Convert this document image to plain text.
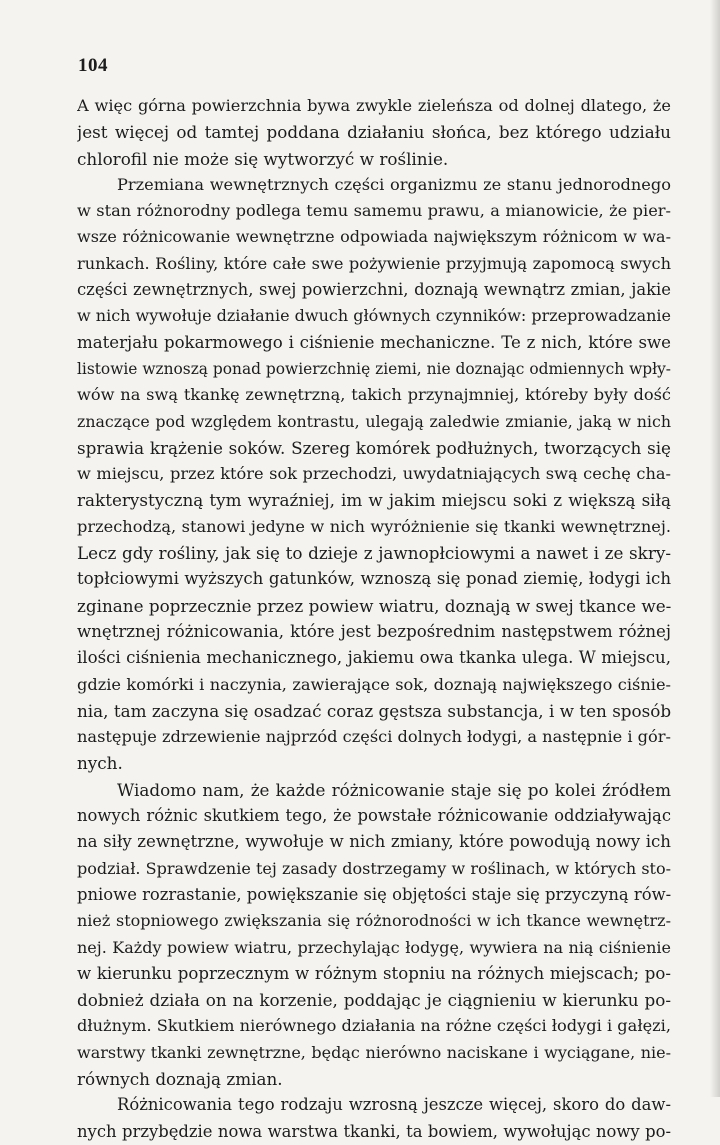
104
A więc górna powierzchnia bywa zwykle zieleńsza od dolnej dlatego, że
jest więcej od tamtej poddana działaniu słońca, bez którego udziału
chlorofil nie może się wytworzyć w roślinie.
Przemiana wewnętrznych części organizmu ze stanu jednorodnego
w stan różnorodny podlega temu samemu prawu, a mianowicie, że pier-
wsze różnicowanie wewnętrzne odpowiada największym różnicom w wa-
runkach. Rośliny, które całe swe pożywienie przyjmują zapomocą swych
części zewnętrznych, swej powierzchni, doznają wewnątrz zmian, jakie
w nich wywołuje działanie dwuch głównych czynników: przeprowadzanie
materjału pokarmowego i ciśnienie mechaniczne. Te z nich, które swe
listowie wznoszą ponad powierzchnię ziemi, nie doznając odmiennych wpły-
wów na swą tkankę zewnętrzną, takich przynajmniej, któreby były dość
znaczące pod względem kontrastu, ulegają zaledwie zmianie, jaką w nich
sprawia krążenie soków. Szereg komórek podłużnych, tworzących się
w miejscu, przez które sok przechodzi, uwydatniających swą cechę cha-
rakterystyczną tym wyraźniej, im w jakim miejscu soki z większą siłą
przechodzą, stanowi jedyne w nich wyróżnienie się tkanki wewnętrznej.
Lecz gdy rośliny, jak się to dzieje z jawnopłciowymi a nawet i ze skry-
topłciowymi wyższych gatunków, wznoszą się ponad ziemię, łodygi ich
zginane poprzecznie przez powiew wiatru, doznają w swej tkance we-
wnętrznej różnicowania, które jest bezpośrednim następstwem różnej
ilości ciśnienia mechanicznego, jakiemu owa tkanka ulega. W miejscu,
gdzie komórki i naczynia, zawierające sok, doznają największego ciśnie-
nia, tam zaczyna się osadzać coraz gęstsza substancja, i w ten sposób
następuje zdrzewienie najprzód części dolnych łodygi, a następnie i gór-
nych.
Wiadomo nam, że każde różnicowanie staje się po kolei źródłem
nowych różnic skutkiem tego, że powstałe różnicowanie oddziaływając
na siły zewnętrzne, wywołuje w nich zmiany, które powodują nowy ich
podział. Sprawdzenie tej zasady dostrzegamy w roślinach, w których sto-
pniowe rozrastanie, powiększanie się objętości staje się przyczyną rów-
nież stopniowego zwiększania się różnorodności w ich tkance wewnętrz-
nej. Każdy powiew wiatru, przechylając łodygę, wywiera na nią ciśnienie
w kierunku poprzecznym w różnym stopniu na różnych miejscach; po-
dobnież działa on na korzenie, poddając je ciągnieniu w kierunku po-
dłużnym. Skutkiem nierównego działania na różne części łodygi i gałęzi,
warstwy tkanki zewnętrzne, będąc nierówno naciskane i wyciągane, nie-
równych doznają zmian.
Różnicowania tego rodzaju wzrosną jeszcze więcej, skoro do daw-
nych przybędzie nowa warstwa tkanki, ta bowiem, wywołując nowy po-
